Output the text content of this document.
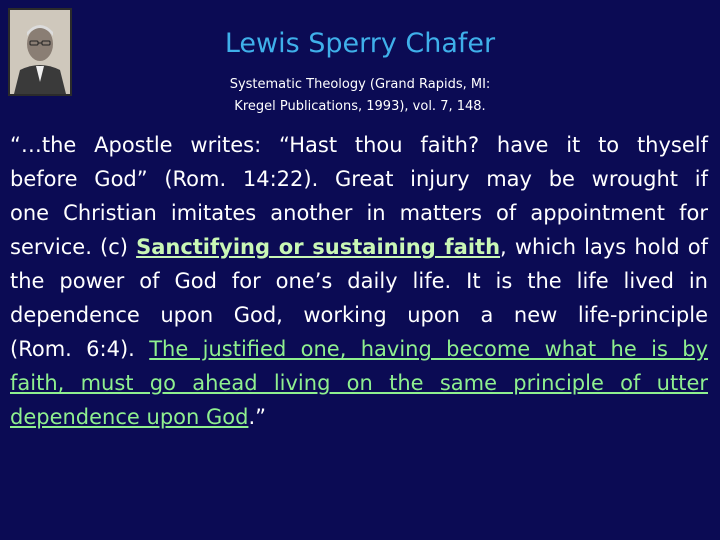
Lewis Sperry Chafer
Systematic Theology (Grand Rapids, MI:
Kregel Publications, 1993), vol. 7, 148.
“…the Apostle writes: “Hast thou faith? have it to thyself
before God” (Rom. 14:22). Great injury may be wrought if
one Christian imitates another in matters of appointment for
service. (c) Sanctifying or sustaining faith, which lays hold of
the power of God for one’s daily life. It is the life lived in
dependence upon God, working upon a new life-principle
(Rom. 6:4). The justified one, having become what he is by
faith, must go ahead living on the same principle of utter
dependence upon God.”
